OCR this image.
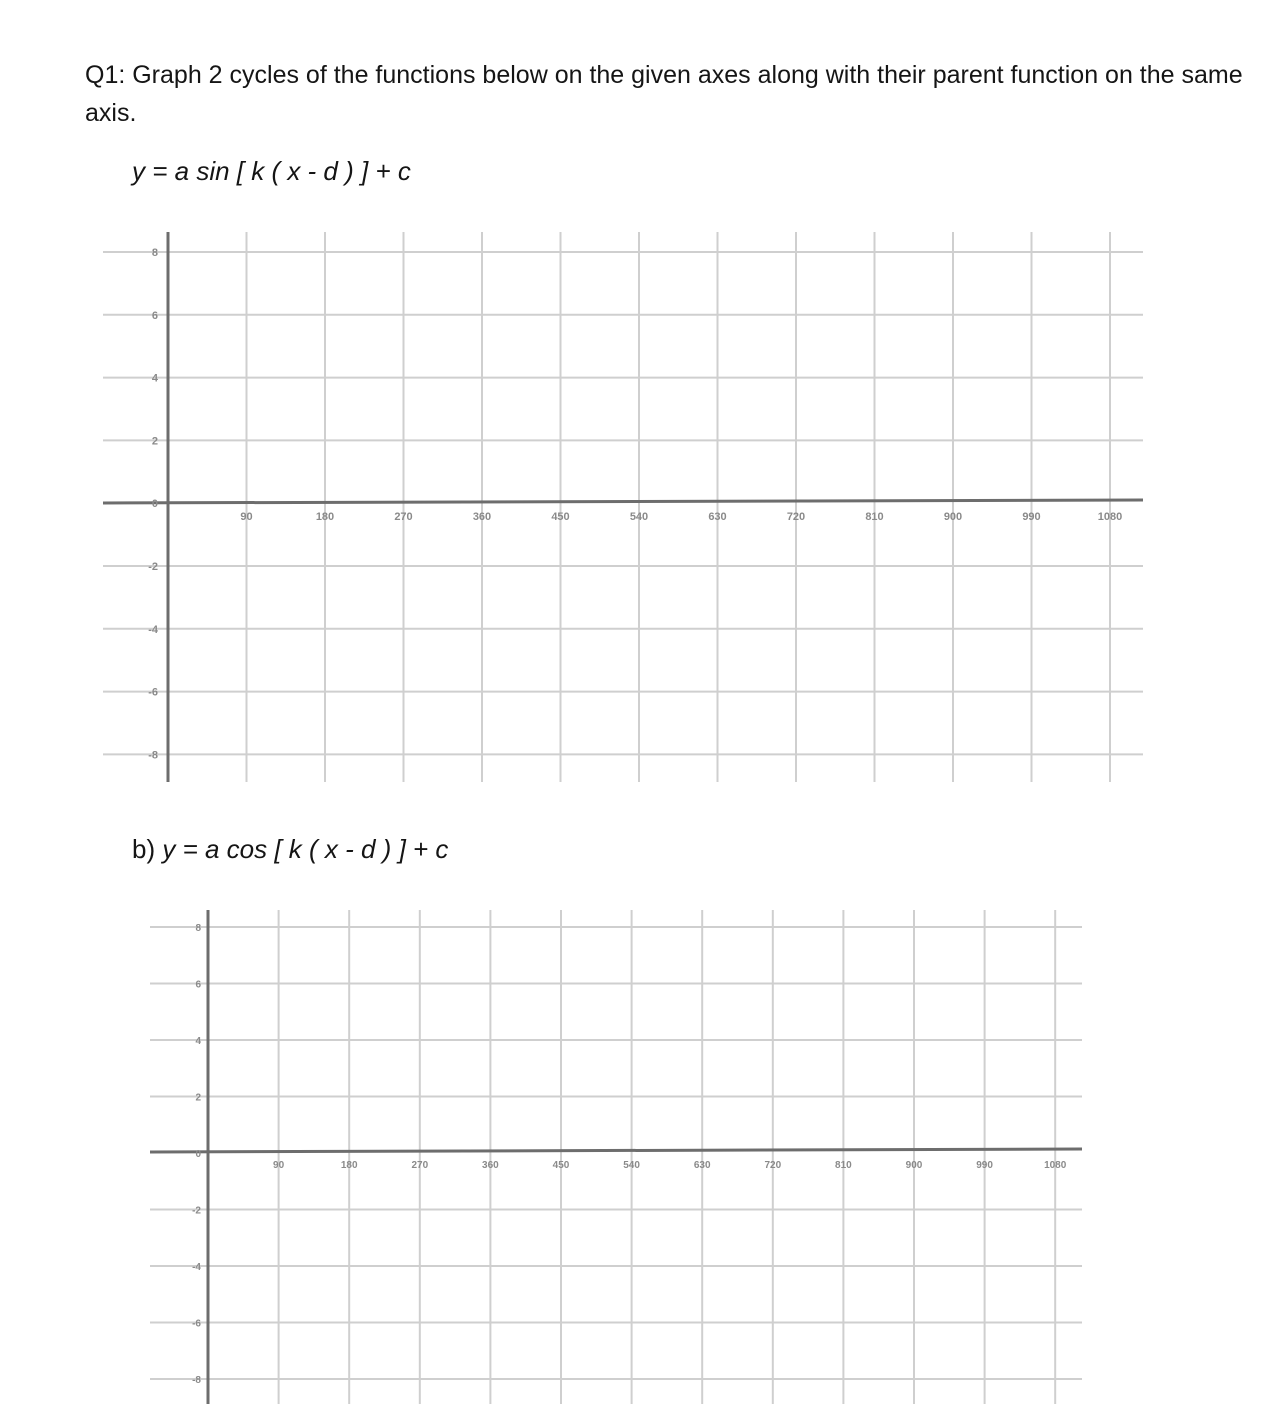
Q1: Graph 2 cycles of the functions below on the given axes along with their parent function on the same axis.
y = a sin [ k ( x - d ) ] + c
8
6
4
2
0
-2
-4
-6
-8
90	180	270	360	450	540	630	720	810	900	990	1080
b) y = a cos [ k ( x - d ) ] + c
8
6
4
2
0
-2
-4
-6
-8
90	180	270	360	450	540	630	720	810	900	990	1080
